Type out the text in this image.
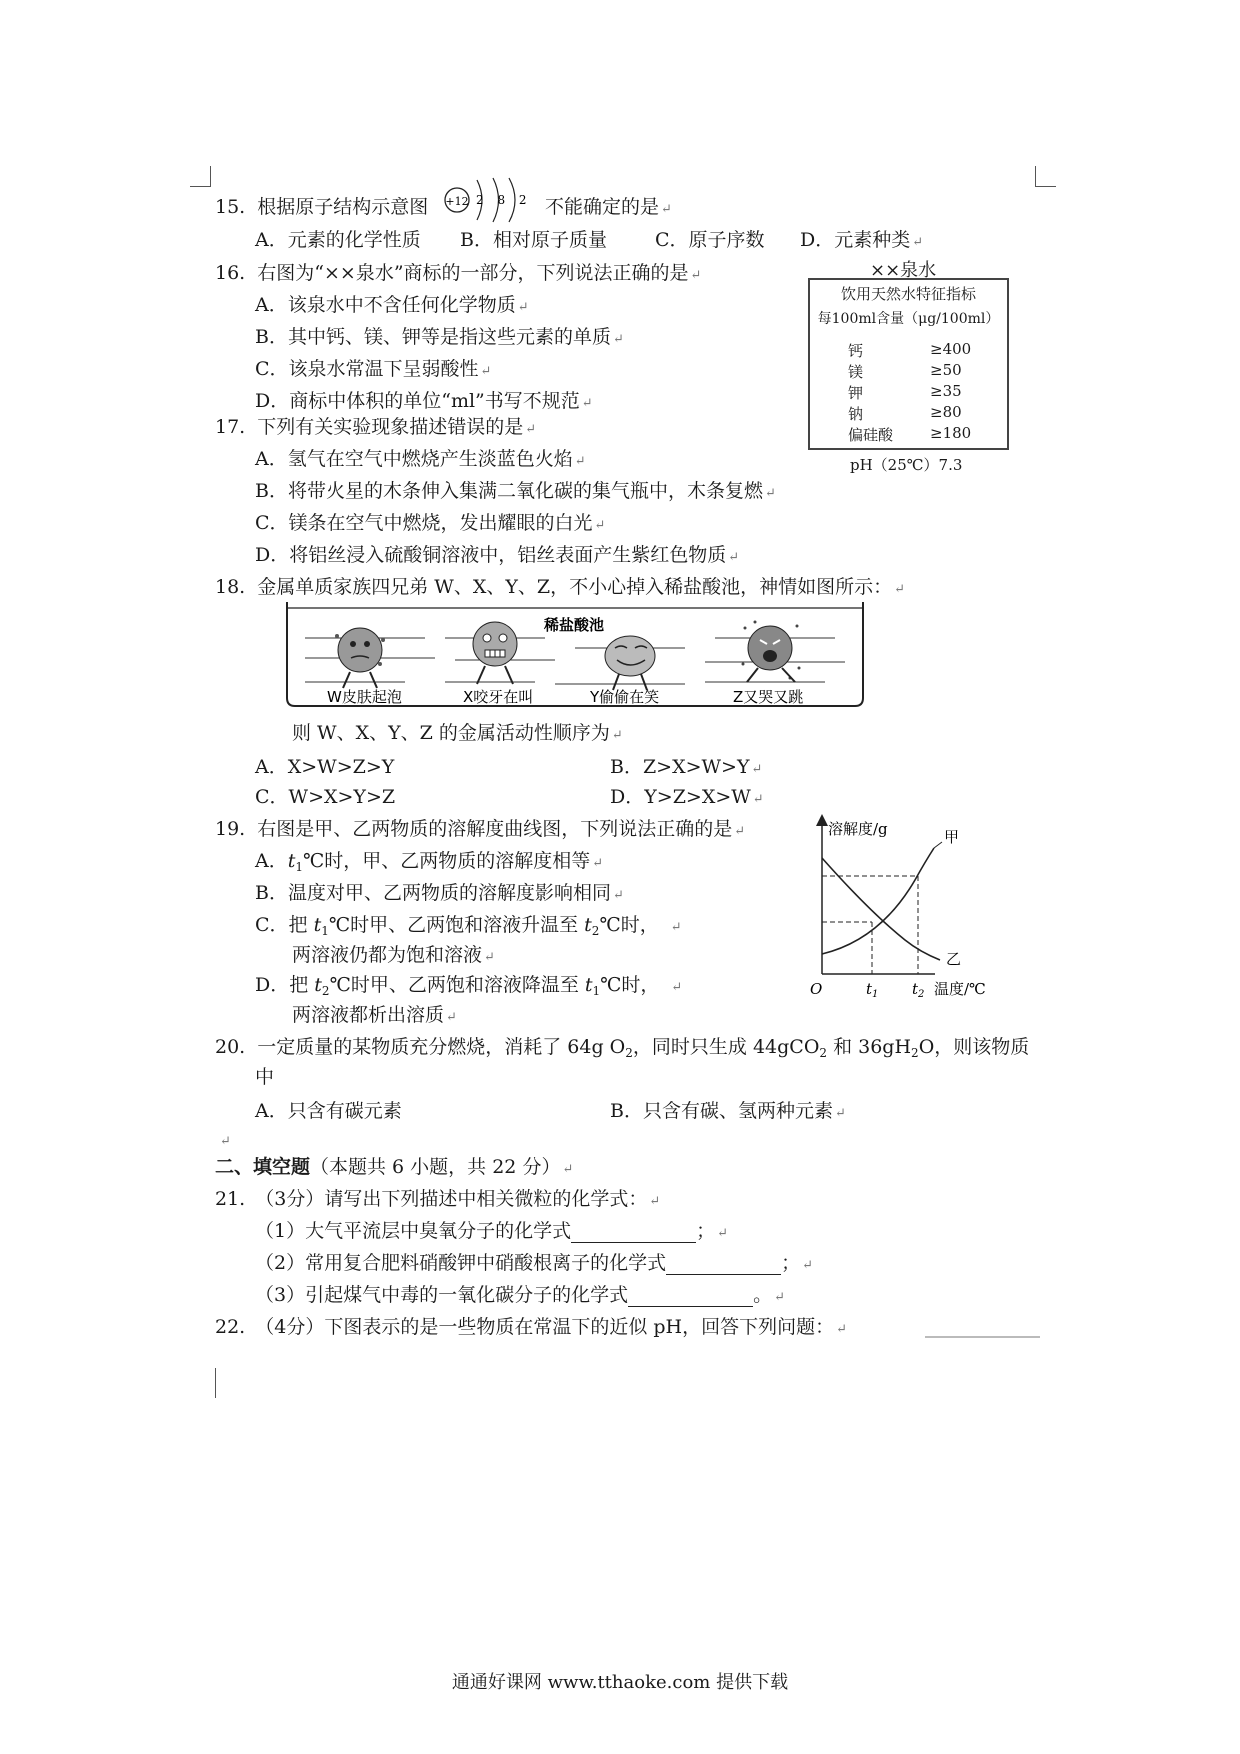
15. 根据原子结构示意图 +12 2 8 2 不能确定的是 ↵
A．元素的化学性质 B．相对原子质量	C．原子序数 D．元素种类 ↵
16. 右图为“××泉水”商标的一部分，下列说法正确的是 ↵
A．该泉水中不含任何化学物质 ↵
B．其中钙、镁、钾等是指这些元素的单质 ↵
C．该泉水常温下呈弱酸性 ↵
D．商标中体积的单位“ml”书写不规范 ↵
××泉水
饮用天然水特征指标
每100ml含量（μg/100ml）
钙	≥400
镁	≥50
钾	≥35
钠	≥80
偏硅酸 ≥180
pH（25℃）7.3
17. 下列有关实验现象描述错误的是 ↵
A．氢气在空气中燃烧产生淡蓝色火焰 ↵
B．将带火星的木条伸入集满二氧化碳的集气瓶中，木条复燃 ↵
C．镁条在空气中燃烧，发出耀眼的白光 ↵
D．将铝丝浸入硫酸铜溶液中，铝丝表面产生紫红色物质 ↵
18. 金属单质家族四兄弟 W、X、Y、Z，不小心掉入稀盐酸池，神情如图所示： ↵
稀盐酸池
W皮肤起泡	X咬牙在叫	Y偷偷在笑	Z又哭又跳
则 W、X、Y、Z 的金属活动性顺序为 ↵
A．X>W>Z>Y	B．Z>X>W>Y ↵
C．W>X>Y>Z	D．Y>Z>X>W ↵
19. 右图是甲、乙两物质的溶解度曲线图，下列说法正确的是 ↵
A．$t_1℃$时，甲、乙两物质的溶解度相等 ↵
B．温度对甲、乙两物质的溶解度影响相同 ↵
C．把 $t_1℃$时甲、乙两饱和溶液升温至 $t_2℃$时， ↵
两溶液仍都为饱和溶液 ↵
D．把 $t_2℃$时甲、乙两饱和溶液降温至 $t_1℃$时， ↵
两溶液都析出溶质 ↵
溶解度/g	甲
乙
O	$t_1$ $t_2$ 温度/℃
20. 一定质量的某物质充分燃烧，消耗了 64g $O_2$，同时只生成 44gCO$_2$ 和 $36gH_2O$，则该物质
中
A．只含有碳元素	B．只含有碳、氢两种元素 ↵
↵
二、填空题（本题共 6 小题，共 22 分） ↵
21. （3分）请写出下列描述中相关微粒的化学式： ↵
（1）大气平流层中臭氧分子的化学式	； ↵
（2）常用复合肥料硝酸钾中硝酸根离子的化学式	； ↵
（3）引起煤气中毒的一氧化碳分子的化学式	。 ↵
22. （4分）下图表示的是一些物质在常温下的近似 pH，回答下列问题： ↵
通通好课网 www.tthaoke.com 提供下载
